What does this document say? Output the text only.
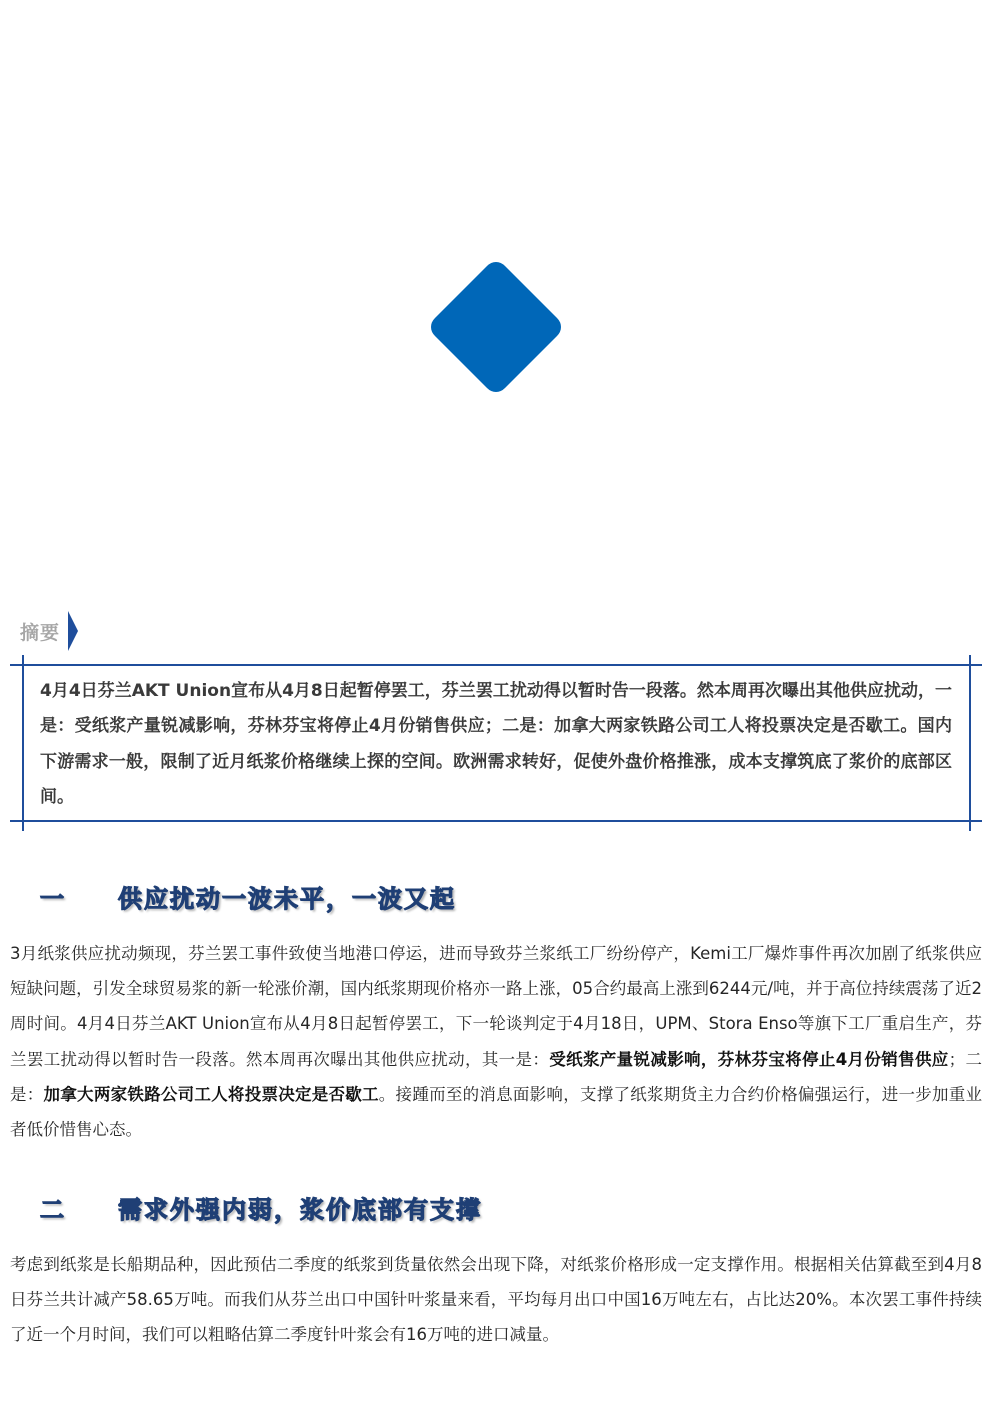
摘要
4月4日芬兰AKT Union宣布从4月8日起暂停罢工，芬兰罢工扰动得以暂时告一段落。然本周再次曝出其他供应扰动，一是：受纸浆产量锐减影响，芬林芬宝将停止4月份销售供应；二是：加拿大两家铁路公司工人将投票决定是否歇工。国内下游需求一般，限制了近月纸浆价格继续上探的空间。欧洲需求转好，促使外盘价格推涨，成本支撑筑底了浆价的底部区间。
一	供应扰动一波未平，一波又起
3月纸浆供应扰动频现，芬兰罢工事件致使当地港口停运，进而导致芬兰浆纸工厂纷纷停产，Kemi工厂爆炸事件再次加剧了纸浆供应短缺问题，引发全球贸易浆的新一轮涨价潮，国内纸浆期现价格亦一路上涨，05合约最高上涨到6244元/吨，并于高位持续震荡了近2周时间。4月4日芬兰AKT Union宣布从4月8日起暂停罢工，下一轮谈判定于4月18日，UPM、Stora Enso等旗下工厂重启生产，芬兰罢工扰动得以暂时告一段落。然本周再次曝出其他供应扰动，其一是：受纸浆产量锐减影响，芬林芬宝将停止4月份销售供应；二是：加拿大两家铁路公司工人将投票决定是否歇工。接踵而至的消息面影响，支撑了纸浆期货主力合约价格偏强运行，进一步加重业者低价惜售心态。
二	需求外强内弱，浆价底部有支撑
考虑到纸浆是长船期品种，因此预估二季度的纸浆到货量依然会出现下降，对纸浆价格形成一定支撑作用。根据相关估算截至到4月8日芬兰共计减产58.65万吨。而我们从芬兰出口中国针叶浆量来看，平均每月出口中国16万吨左右，占比达20%。本次罢工事件持续了近一个月时间，我们可以粗略估算二季度针叶浆会有16万吨的进口减量。
